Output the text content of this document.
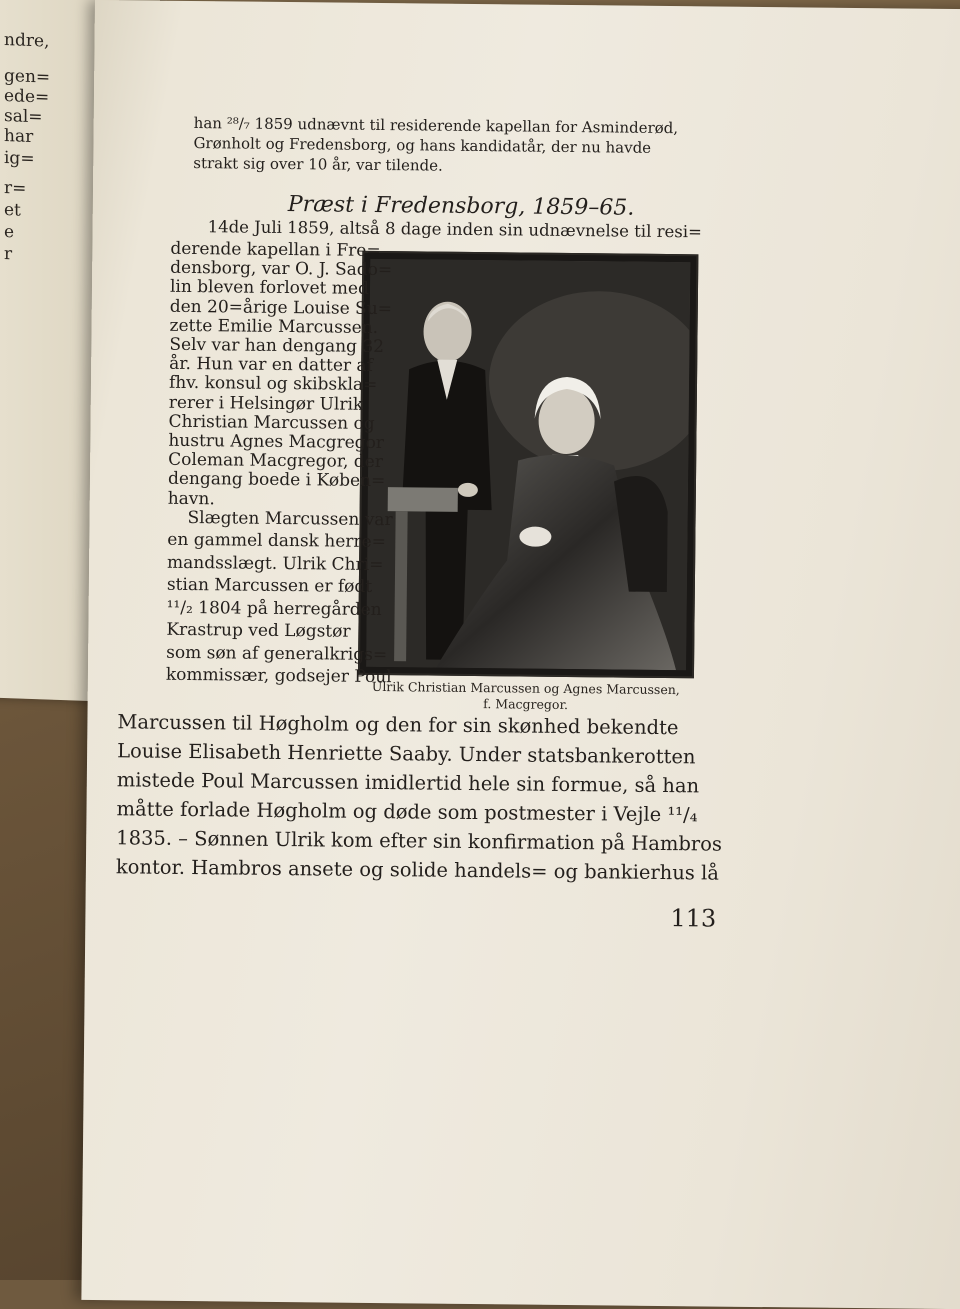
ndre,
gen=
ede=
sal=
har
ig=
r=
et
e
r
han ²⁸/₇ 1859 udnævnt til residerende kapellan for Asminderød,
Grønholt og Fredensborg, og hans kandidatår, der nu havde
strakt sig over 10 år, var tilende.
Præst i Fredensborg, 1859–65.
14de Juli 1859, altså 8 dage inden sin udnævnelse til resi=
Ulrik Christian Marcussen og Agnes Marcussen,
f. Macgregor.
113
derende kapellan i Fre=
densborg, var O. J. Sado=
lin bleven forlovet med
den 20=årige Louise Su=
zette Emilie Marcussen.
Selv var han dengang 32
år. Hun var en datter af
fhv. konsul og skibskla=
rerer i Helsingør Ulrik
Christian Marcussen og
hustru Agnes Macgregor
Coleman Macgregor, der
dengang boede i Køben=
havn.
Slægten Marcussen var
en gammel dansk herre=
mandsslægt. Ulrik Chri=
stian Marcussen er født
¹¹/₂ 1804 på herregården
Krastrup ved Løgstør
som søn af generalkrigs=
kommissær, godsejer Poul
Marcussen til Høgholm og den for sin skønhed bekendte
Louise Elisabeth Henriette Saaby. Under statsbankerotten
mistede Poul Marcussen imidlertid hele sin formue, så han
måtte forlade Høgholm og døde som postmester i Vejle ¹¹/₄
1835. – Sønnen Ulrik kom efter sin konfirmation på Hambros
kontor. Hambros ansete og solide handels= og bankierhus lå
